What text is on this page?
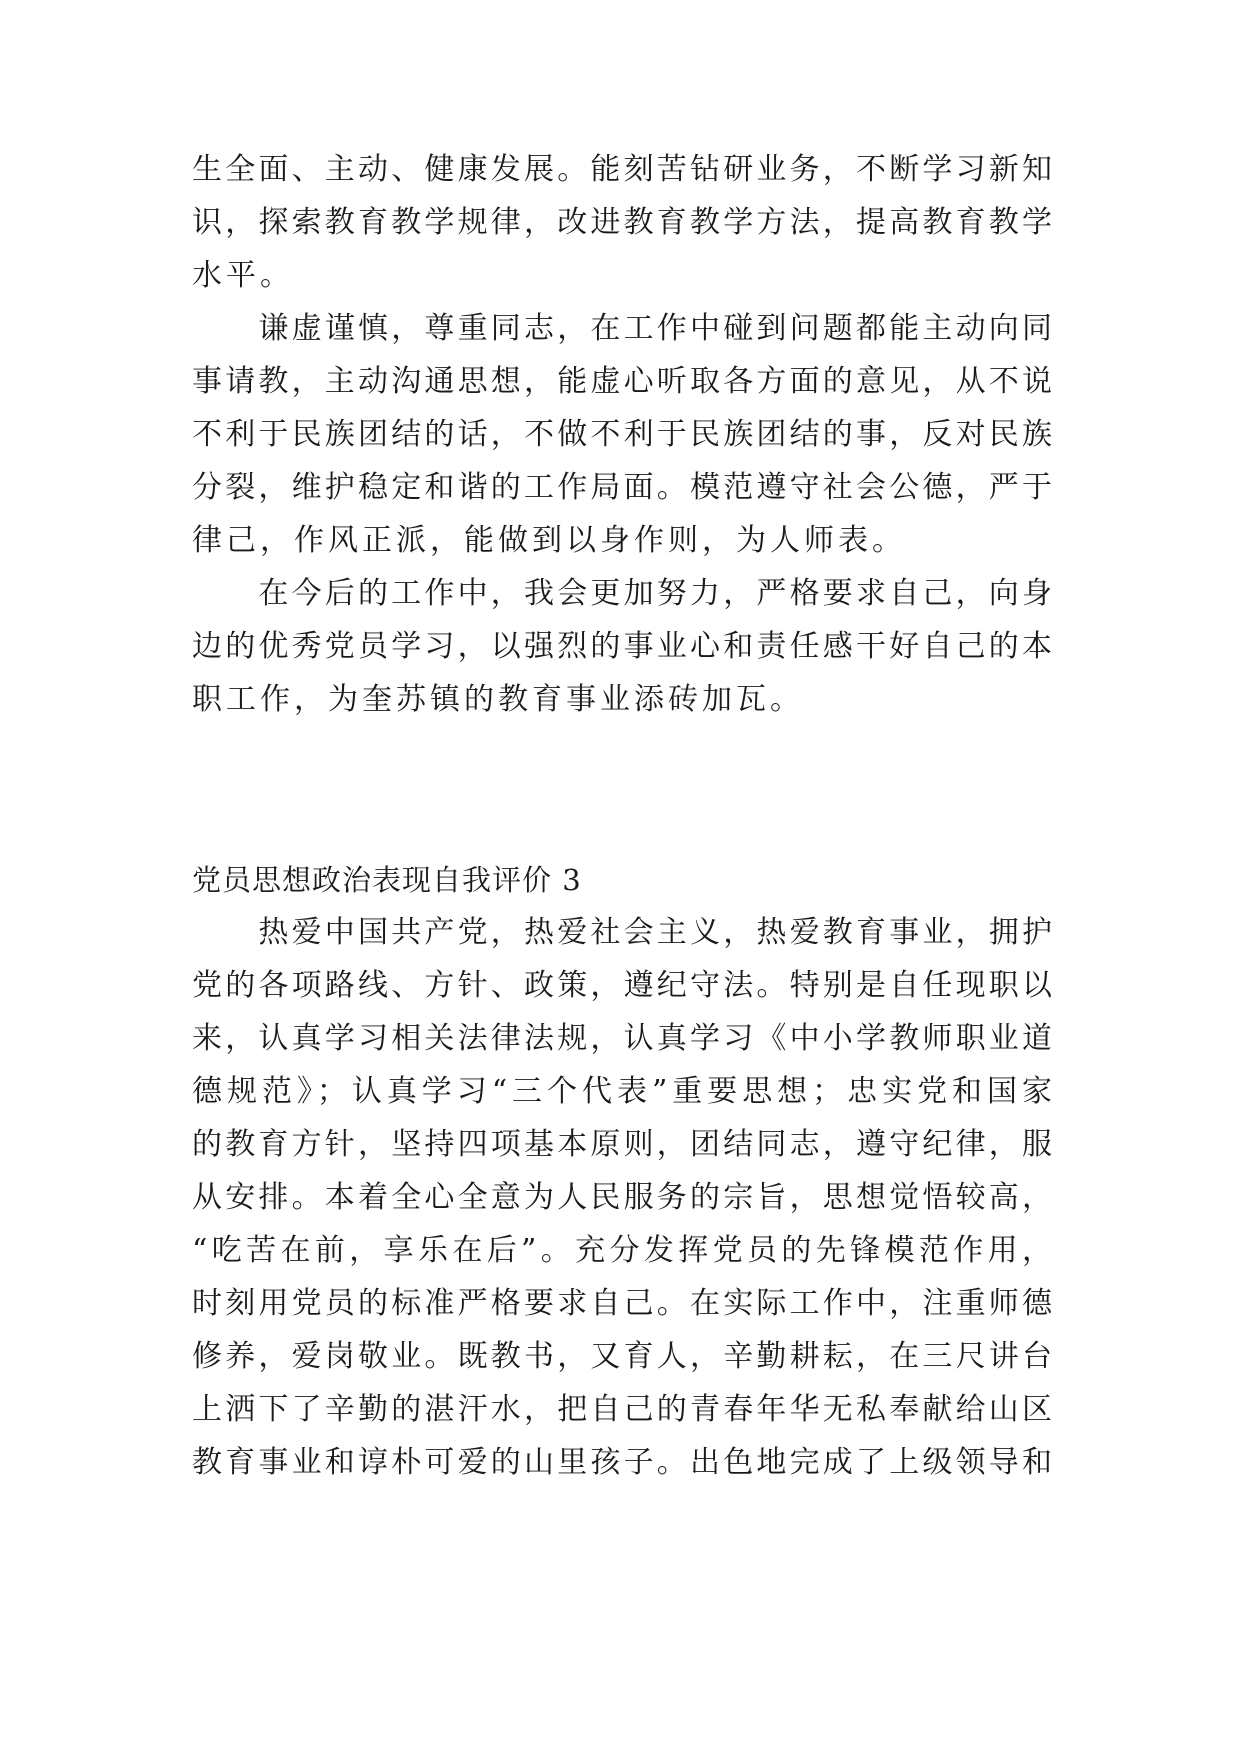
生全面、主动、健康发展。能刻苦钻研业务，不断学习新知
识，探索教育教学规律，改进教育教学方法，提高教育教学
水平。
　　谦虚谨慎，尊重同志，在工作中碰到问题都能主动向同
事请教，主动沟通思想，能虚心听取各方面的意见，从不说
不利于民族团结的话，不做不利于民族团结的事，反对民族
分裂，维护稳定和谐的工作局面。模范遵守社会公德，严于
律己，作风正派，能做到以身作则，为人师表。
　　在今后的工作中，我会更加努力，严格要求自己，向身
边的优秀党员学习，以强烈的事业心和责任感干好自己的本
职工作，为奎苏镇的教育事业添砖加瓦。
党员思想政治表现自我评价 3
　　热爱中国共产党，热爱社会主义，热爱教育事业，拥护
党的各项路线、方针、政策，遵纪守法。特别是自任现职以
来，认真学习相关法律法规，认真学习《中小学教师职业道
德规范》；认真学习“三个代表”重要思想；忠实党和国家
的教育方针，坚持四项基本原则，团结同志，遵守纪律，服
从安排。本着全心全意为人民服务的宗旨，思想觉悟较高，
“吃苦在前，享乐在后”。充分发挥党员的先锋模范作用，
时刻用党员的标准严格要求自己。在实际工作中，注重师德
修养，爱岗敬业。既教书，又育人，辛勤耕耘，在三尺讲台
上洒下了辛勤的湛汗水，把自己的青春年华无私奉献给山区
教育事业和谆朴可爱的山里孩子。出色地完成了上级领导和
